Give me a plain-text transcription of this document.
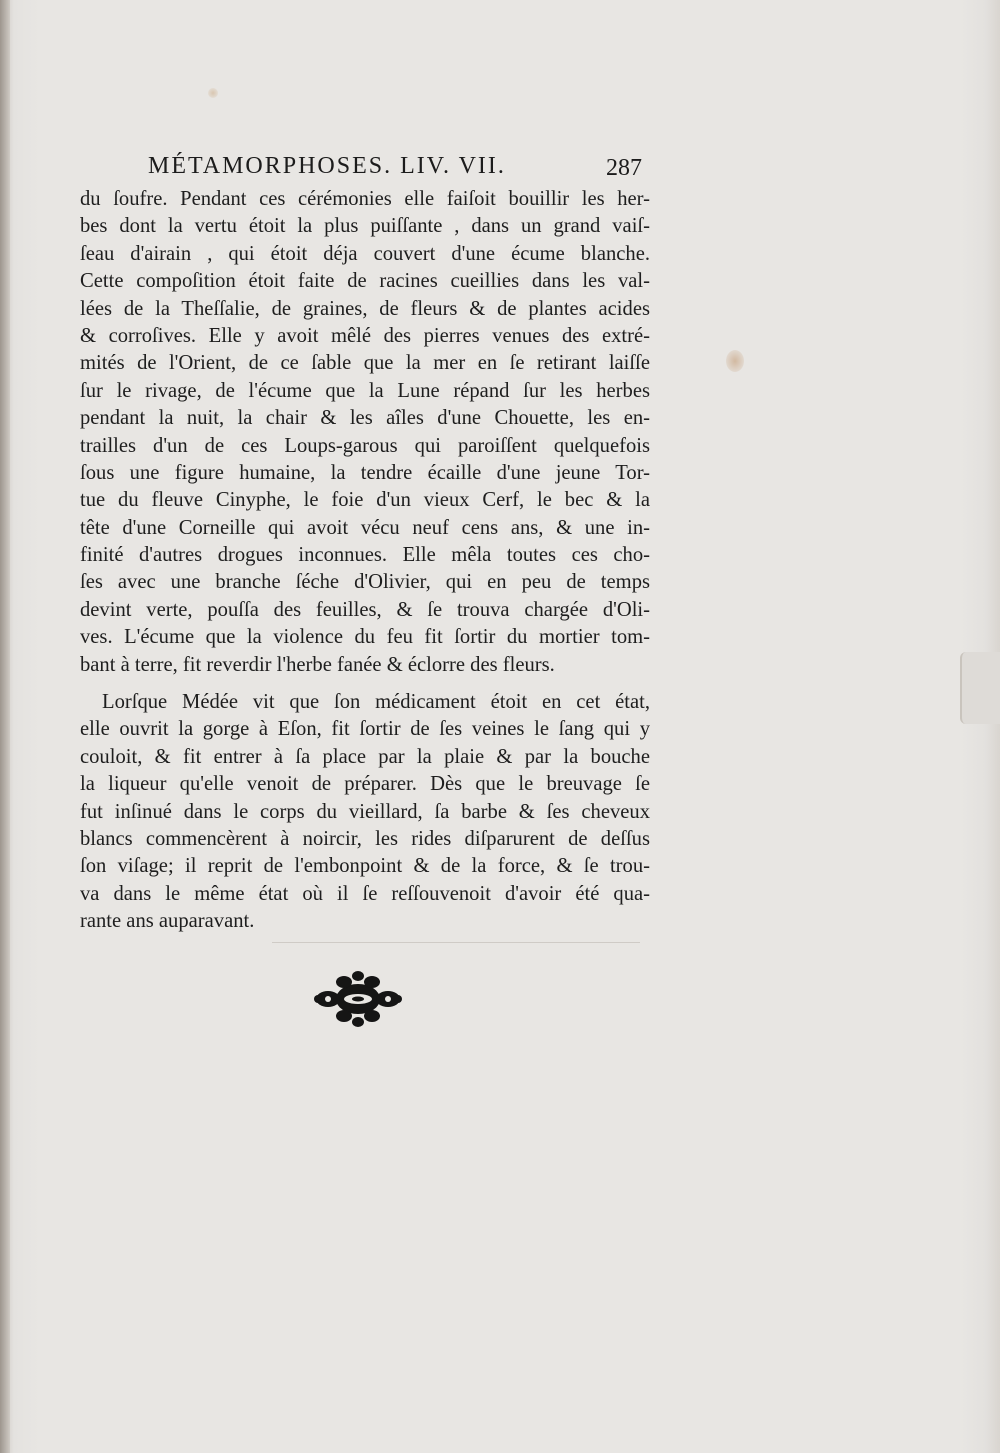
MÉTAMORPHOSES. LIV. VII.	287
du ſoufre. Pendant ces cérémonies elle faiſoit bouillir les her-
bes dont la vertu étoit la plus puiſſante , dans un grand vaiſ-
ſeau d'airain , qui étoit déja couvert d'une écume blanche.
Cette compoſition étoit faite de racines cueillies dans les val-
lées de la Theſſalie, de graines, de fleurs & de plantes acides
& corroſives. Elle y avoit mêlé des pierres venues des extré-
mités de l'Orient, de ce ſable que la mer en ſe retirant laiſſe
ſur le rivage, de l'écume que la Lune répand ſur les herbes
pendant la nuit, la chair & les aîles d'une Chouette, les en-
trailles d'un de ces Loups-garous qui paroiſſent quelquefois
ſous une figure humaine, la tendre écaille d'une jeune Tor-
tue du fleuve Cinyphe, le foie d'un vieux Cerf, le bec & la
tête d'une Corneille qui avoit vécu neuf cens ans, & une in-
finité d'autres drogues inconnues. Elle mêla toutes ces cho-
ſes avec une branche ſéche d'Olivier, qui en peu de temps
devint verte, pouſſa des feuilles, & ſe trouva chargée d'Oli-
ves. L'écume que la violence du feu fit ſortir du mortier tom-
bant à terre, fit reverdir l'herbe fanée & éclorre des fleurs.
Lorſque Médée vit que ſon médicament étoit en cet état,
elle ouvrit la gorge à Eſon, fit ſortir de ſes veines le ſang qui y
couloit, & fit entrer à ſa place par la plaie & par la bouche
la liqueur qu'elle venoit de préparer. Dès que le breuvage ſe
fut inſinué dans le corps du vieillard, ſa barbe & ſes cheveux
blancs commencèrent à noircir, les rides diſparurent de deſſus
ſon viſage; il reprit de l'embonpoint & de la force, & ſe trou-
va dans le même état où il ſe reſſouvenoit d'avoir été qua-
rante ans auparavant.
